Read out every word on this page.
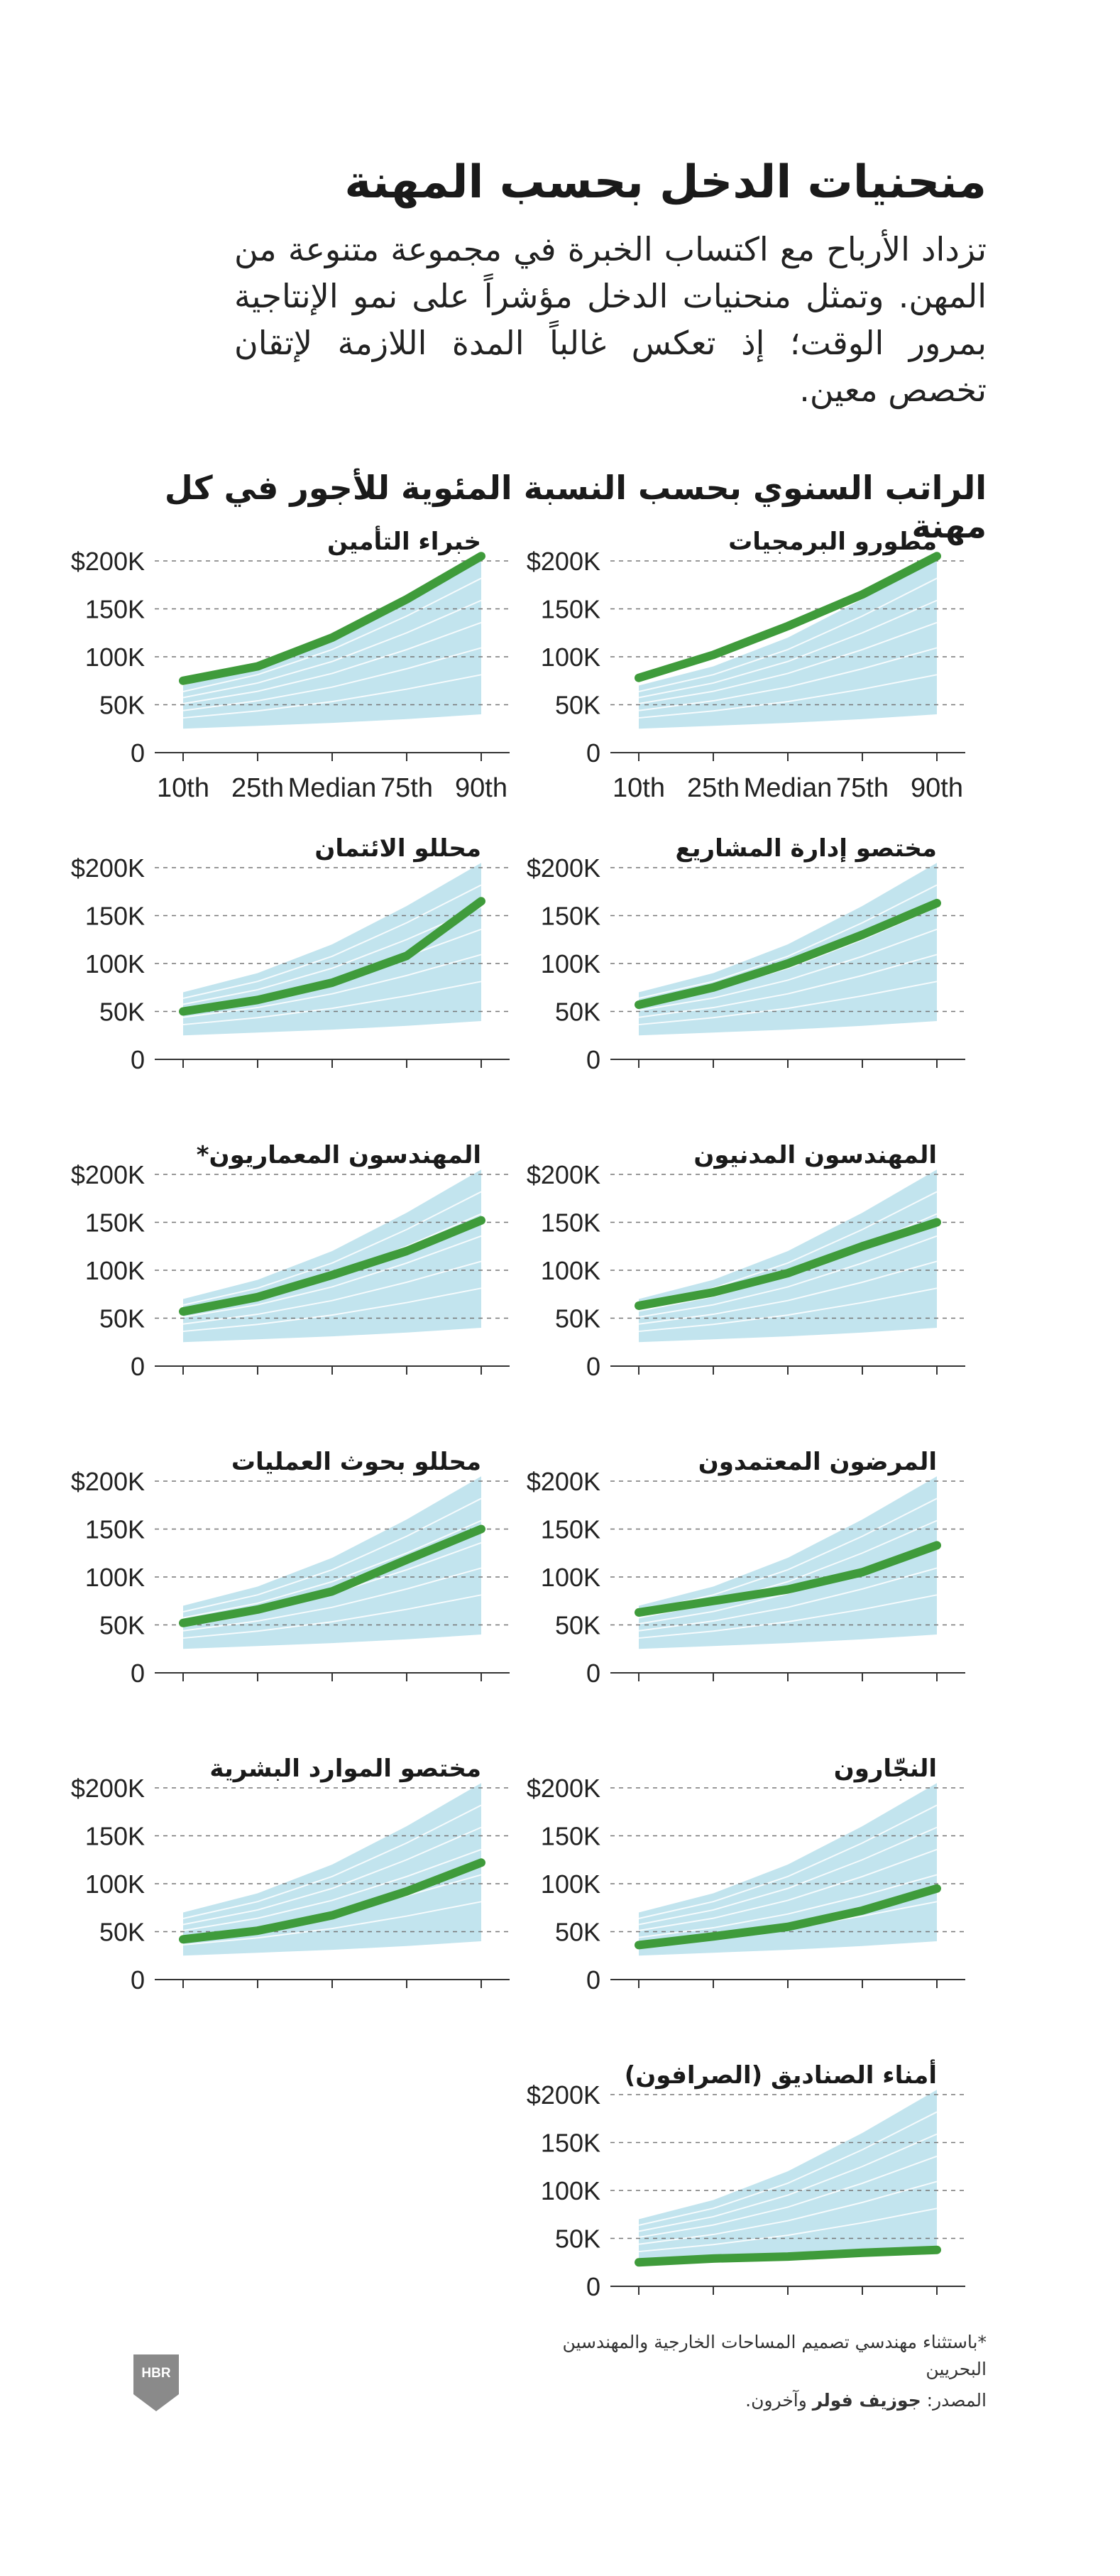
منحنيات الدخل بحسب المهنة

تزداد الأرباح مع اكتساب الخبرة في مجموعة متنوعة من المهن. وتمثل منحنيات الدخل مؤشراً على نمو الإنتاجية بمرور الوقت؛ إذ تعكس غالباً المدة اللازمة لإتقان تخصص معين.

الراتب السنوي بحسب النسبة المئوية للأجور في كل مهنة
0
50K
100K
150K
$200K
10th 25th Median 75th 90th
مطورو البرمجيات
0
50K
100K
150K
$200K
10th 25th Median 75th 90th
خبراء التأمين
0
50K
100K
150K
$200K
مختصو إدارة المشاريع
0
50K
100K
150K
$200K
محللو الائتمان
0
50K
100K
150K
$200K
المهندسون المدنيون
0
50K
100K
150K
$200K
المهندسون المعماريون*
0
50K
100K
150K
$200K
المرضون المعتمدون
0
50K
100K
150K
$200K
محللو بحوث العمليات
0
50K
100K
150K
$200K
النجّارون
0
50K
100K
150K
$200K
مختصو الموارد البشرية
0
50K
100K
150K
$200K
أمناء الصناديق (الصرافون)
*باستثناء مهندسي تصميم المساحات الخارجية والمهندسين البحريين
المصدر: جوزيف فولر وآخرون.
HBR
